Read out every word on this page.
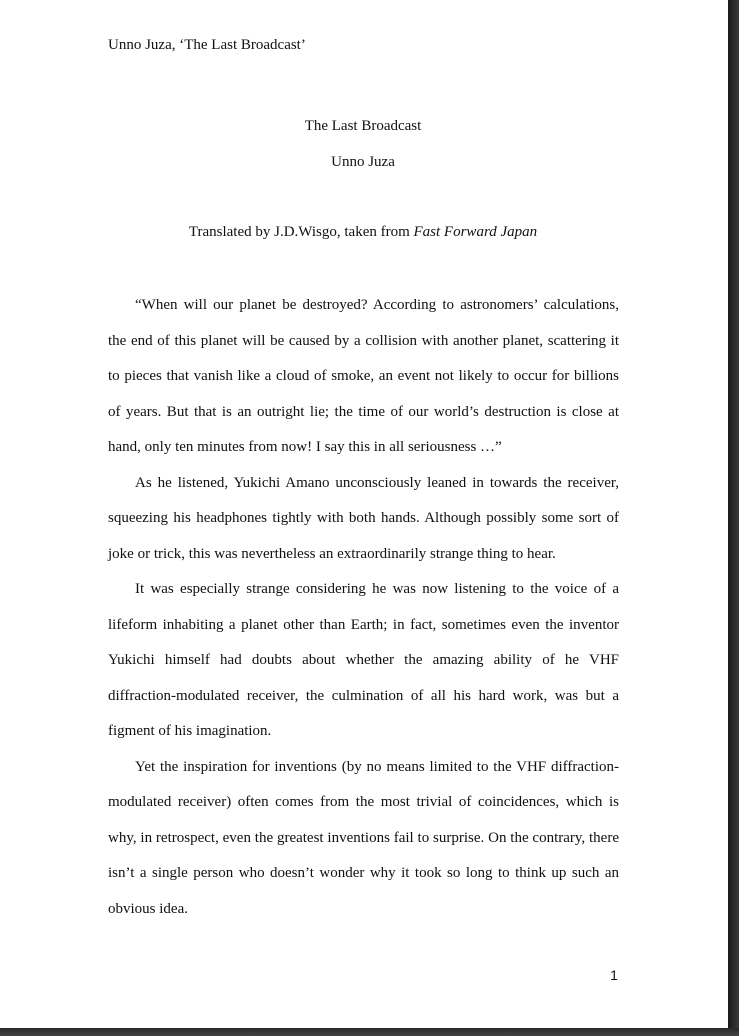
Unno Juza, ‘The Last Broadcast’
The Last Broadcast
Unno Juza
Translated by J.D.Wisgo, taken from Fast Forward Japan

“When will our planet be destroyed? According to astronomers’ calculations, the end of this planet will be caused by a collision with another planet, scattering it to pieces that vanish like a cloud of smoke, an event not likely to occur for billions of years. But that is an outright lie; the time of our world’s destruction is close at hand, only ten minutes from now! I say this in all seriousness …”

As he listened, Yukichi Amano unconsciously leaned in towards the receiver, squeezing his headphones tightly with both hands. Although possibly some sort of joke or trick, this was nevertheless an extraordinarily strange thing to hear.

It was especially strange considering he was now listening to the voice of a lifeform inhabiting a planet other than Earth; in fact, sometimes even the inventor Yukichi himself had doubts about whether the amazing ability of he VHF diffraction-modulated receiver, the culmination of all his hard work, was but a figment of his imagination.

Yet the inspiration for inventions (by no means limited to the VHF diffraction-modulated receiver) often comes from the most trivial of coincidences, which is why, in retrospect, even the greatest inventions fail to surprise. On the contrary, there isn’t a single person who doesn’t wonder why it took so long to think up such an obvious idea.

1
